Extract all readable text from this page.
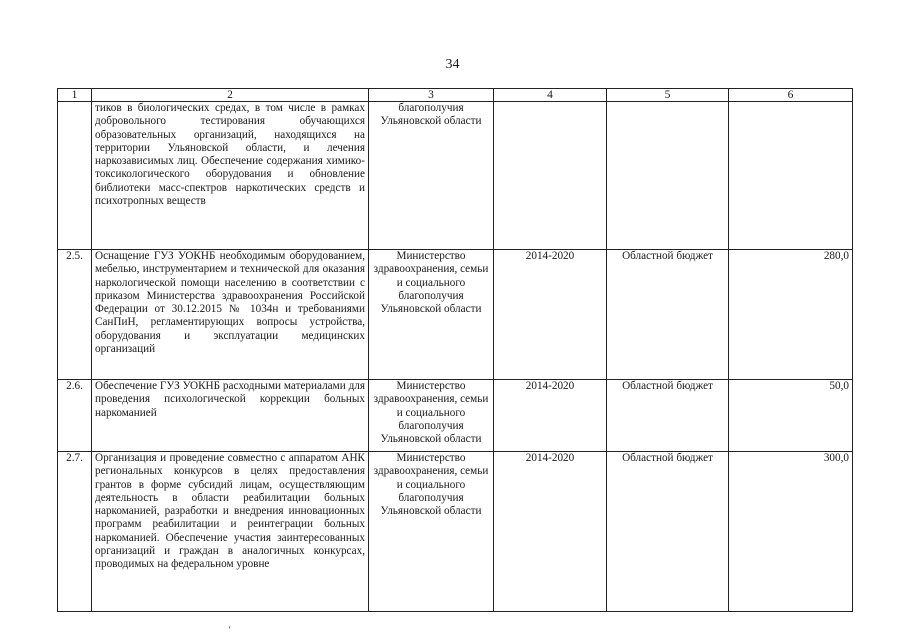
34
1	2	3	4	5	6
	тиков в биологических средах, в том числе в рамках добровольного тестирования обучающихся образовательных организаций, находящихся на территории Ульяновской области, и лечения наркозависимых лиц. Обеспечение содержания химико-токсикологического оборудования и обновление библиотеки масс-спектров наркотических средств и психотропных веществ	благополучия Ульяновской области			
2.5.	Оснащение ГУЗ УОКНБ необходимым оборудованием, мебелью, инструментарием и технической для оказания наркологической помощи населению в соответствии с приказом Министерства здравоохранения Российской Федерации от 30.12.2015 № 1034н и требованиями СанПиН, регламентирующих вопросы устройства, оборудования и эксплуатации медицинских организаций	Министерство здравоохранения, семьи и социального благополучия Ульяновской области	2014-2020	Областной бюджет	280,0
2.6.	Обеспечение ГУЗ УОКНБ расходными материалами для проведения психологической коррекции больных наркоманией	Министерство здравоохранения, семьи и социального благополучия Ульяновской области	2014-2020	Областной бюджет	50,0
2.7.	Организация и проведение совместно с аппаратом АНК региональных конкурсов в целях предоставления грантов в форме субсидий лицам, осуществляющим деятельность в области реабилитации больных наркоманией, разработки и внедрения инновационных программ реабилитации и реинтеграции больных наркоманией. Обеспечение участия заинтересованных организаций и граждан в аналогичных конкурсах, проводимых на федеральном уровне	Министерство здравоохранения, семьи и социального благополучия Ульяновской области	2014-2020	Областной бюджет	300,0
‘
